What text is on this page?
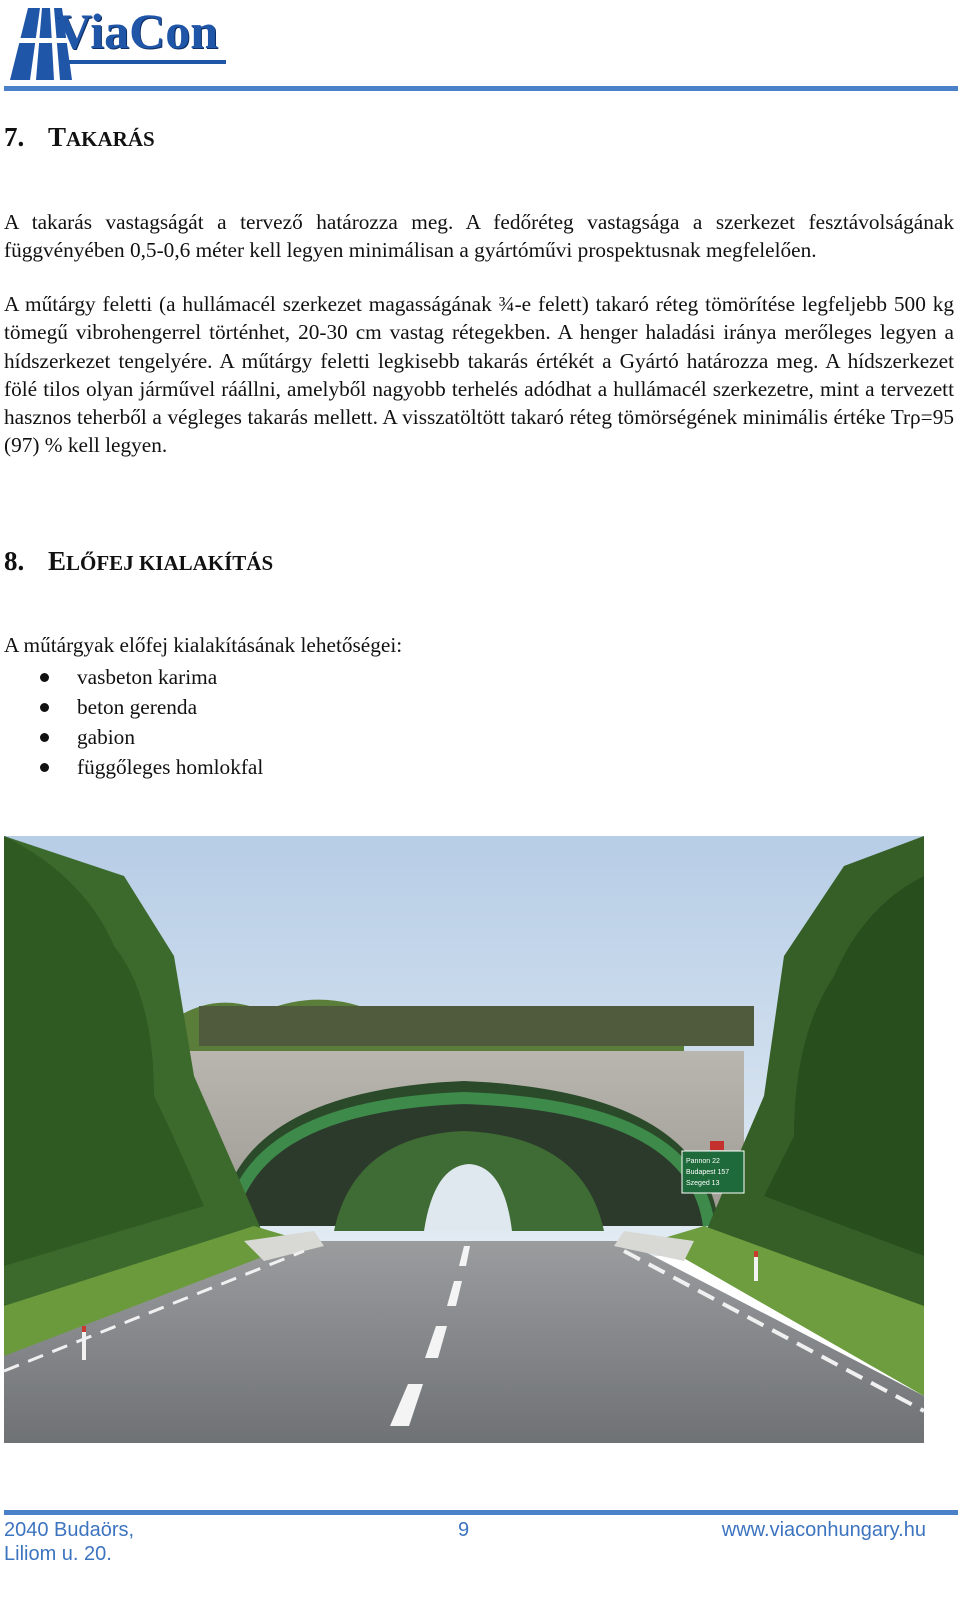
ViaCon
7. TAKARÁS

A takarás vastagságát a tervező határozza meg. A fedőréteg vastagsága a szerkezet fesztávolságának függvényében 0,5-0,6 méter kell legyen minimálisan a gyártóművi prospektusnak megfelelően.

A műtárgy feletti (a hullámacél szerkezet magasságának ¾-e felett) takaró réteg tömörítése legfeljebb 500 kg tömegű vibrohengerrel történhet, 20-30 cm vastag rétegekben. A henger haladási iránya merőleges legyen a hídszerkezet tengelyére. A műtárgy feletti legkisebb takarás értékét a Gyártó határozza meg. A hídszerkezet fölé tilos olyan járművel ráállni, amelyből nagyobb terhelés adódhat a hullámacél szerkezetre, mint a tervezett hasznos teherből a végleges takarás mellett. A visszatöltött takaró réteg tömörségének minimális értéke Trρ=95 (97) % kell legyen.

8. ELŐFEJ KIALAKÍTÁS

A műtárgyak előfej kialakításának lehetőségei:

vasbeton karima
beton gerenda
gabion
függőleges homlokfal
Pannon 22
Budapest 157
Szeged 13
2040 Budaörs,
Liliom u. 20.
9	www.viaconhungary.hu
